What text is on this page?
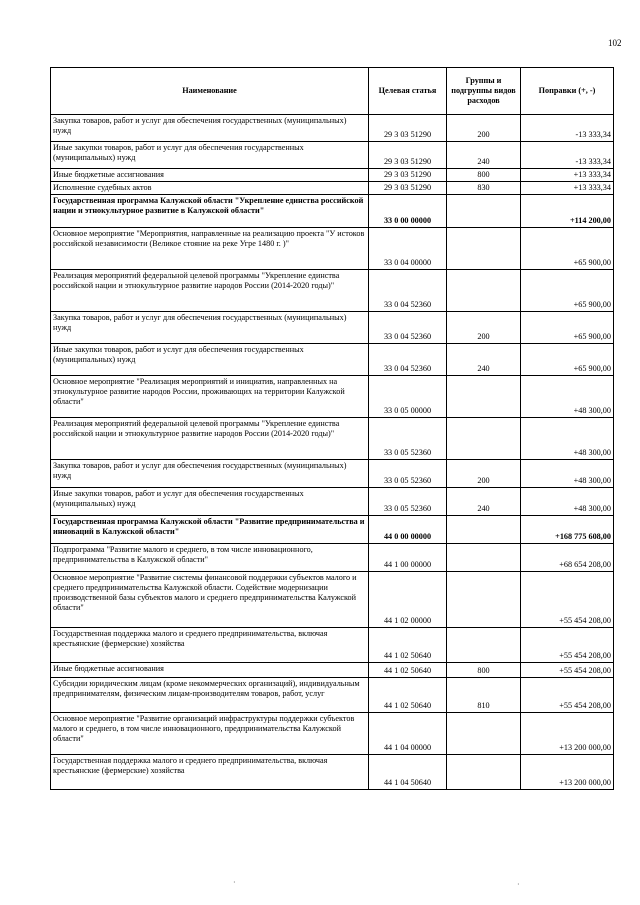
102
Наименование	Целевая статья	Группы и подгруппы видов расходов	Поправки (+, -)
Закупка товаров, работ и услуг для обеспечения государственных (муниципальных) нужд	29 3 03 51290	200	-13 333,34
Иные закупки товаров, работ и услуг для обеспечения государственных (муниципальных) нужд	29 3 03 51290	240	-13 333,34
Иные бюджетные ассигнования	29 3 03 51290	800	+13 333,34
Исполнение судебных актов	29 3 03 51290	830	+13 333,34
Государственная программа Калужской области "Укрепление единства российской нации и этнокультурное развитие в Калужской области"	33 0 00 00000		+114 200,00
Основное мероприятие "Мероприятия, направленные на реализацию проекта "У истоков российской независимости (Великое стояние на реке Угре 1480 г. )"	33 0 04 00000		+65 900,00
Реализация мероприятий федеральной целевой программы "Укрепление единства российской нации и этнокультурное развитие народов России (2014-2020 годы)"	33 0 04 52360		+65 900,00
Закупка товаров, работ и услуг для обеспечения государственных (муниципальных) нужд	33 0 04 52360	200	+65 900,00
Иные закупки товаров, работ и услуг для обеспечения государственных (муниципальных) нужд	33 0 04 52360	240	+65 900,00
Основное мероприятие "Реализация мероприятий и инициатив, направленных на этнокультурное развитие народов России, проживающих на территории Калужской области"	33 0 05 00000		+48 300,00
Реализация мероприятий федеральной целевой программы "Укрепление единства российской нации и этнокультурное развитие народов России (2014-2020 годы)"	33 0 05 52360		+48 300,00
Закупка товаров, работ и услуг для обеспечения государственных (муниципальных) нужд	33 0 05 52360	200	+48 300,00
Иные закупки товаров, работ и услуг для обеспечения государственных (муниципальных) нужд	33 0 05 52360	240	+48 300,00
Государственная программа Калужской области "Развитие предпринимательства и инноваций в Калужской области"	44 0 00 00000		+168 775 608,00
Подпрограмма "Развитие малого и среднего, в том числе инновационного, предпринимательства в Калужской области"	44 1 00 00000		+68 654 208,00
Основное мероприятие "Развитие системы финансовой поддержки субъектов малого и среднего предпринимательства Калужской области. Содействие модернизации производственной базы субъектов малого и среднего предпринимательства Калужской области"	44 1 02 00000		+55 454 208,00
Государственная поддержка малого и среднего предпринимательства, включая крестьянские (фермерские) хозяйства	44 1 02 50640		+55 454 208,00
Иные бюджетные ассигнования	44 1 02 50640	800	+55 454 208,00
Субсидии юридическим лицам (кроме некоммерческих организаций), индивидуальным предпринимателям, физическим лицам-производителям товаров, работ, услуг	44 1 02 50640	810	+55 454 208,00
Основное мероприятие "Развитие организаций инфраструктуры поддержки субъектов малого и среднего, в том числе инновационного, предпринимательства Калужской области"	44 1 04 00000		+13 200 000,00
Государственная поддержка малого и среднего предпринимательства, включая крестьянские (фермерские) хозяйства	44 1 04 50640		+13 200 000,00
·	·
